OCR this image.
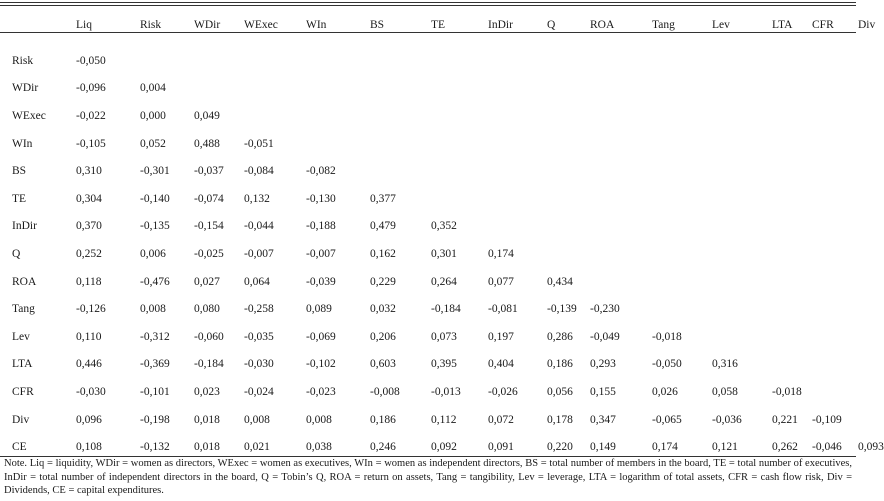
	Liq	Risk	WDir	WExec	WIn	BS	TE	InDir	Q	ROA	Tang	Lev	LTA	CFR	Div
Risk	-0,050														
WDir	-0,096	0,004													
WExec	-0,022	0,000	0,049												
WIn	-0,105	0,052	0,488	-0,051											
BS	0,310	-0,301	-0,037	-0,084	-0,082										
TE	0,304	-0,140	-0,074	0,132	-0,130	0,377									
InDir	0,370	-0,135	-0,154	-0,044	-0,188	0,479	0,352								
Q	0,252	0,006	-0,025	-0,007	-0,007	0,162	0,301	0,174							
ROA	0,118	-0,476	0,027	0,064	-0,039	0,229	0,264	0,077	0,434						
Tang	-0,126	0,008	0,080	-0,258	0,089	0,032	-0,184	-0,081	-0,139	-0,230					
Lev	0,110	-0,312	-0,060	-0,035	-0,069	0,206	0,073	0,197	0,286	-0,049	-0,018				
LTA	0,446	-0,369	-0,184	-0,030	-0,102	0,603	0,395	0,404	0,186	0,293	-0,050	0,316			
CFR	-0,030	-0,101	0,023	-0,024	-0,023	-0,008	-0,013	-0,026	0,056	0,155	0,026	0,058	-0,018		
Div	0,096	-0,198	0,018	0,008	0,008	0,186	0,112	0,072	0,178	0,347	-0,065	-0,036	0,221	-0,109	
CE	0,108	-0,132	0,018	0,021	0,038	0,246	0,092	0,091	0,220	0,149	0,174	0,121	0,262	-0,046	0,093
Note. Liq = liquidity, WDir = women as directors, WExec = women as executives, WIn = women as independent directors, BS = total number of members in the board, TE = total number of executives, InDir = total number of independent directors in the board, Q = Tobin’s Q, ROA = return on assets, Tang = tangibility, Lev = leverage, LTA = logarithm of total assets, CFR = cash flow risk, Div = Dividends, CE = capital expenditures.
